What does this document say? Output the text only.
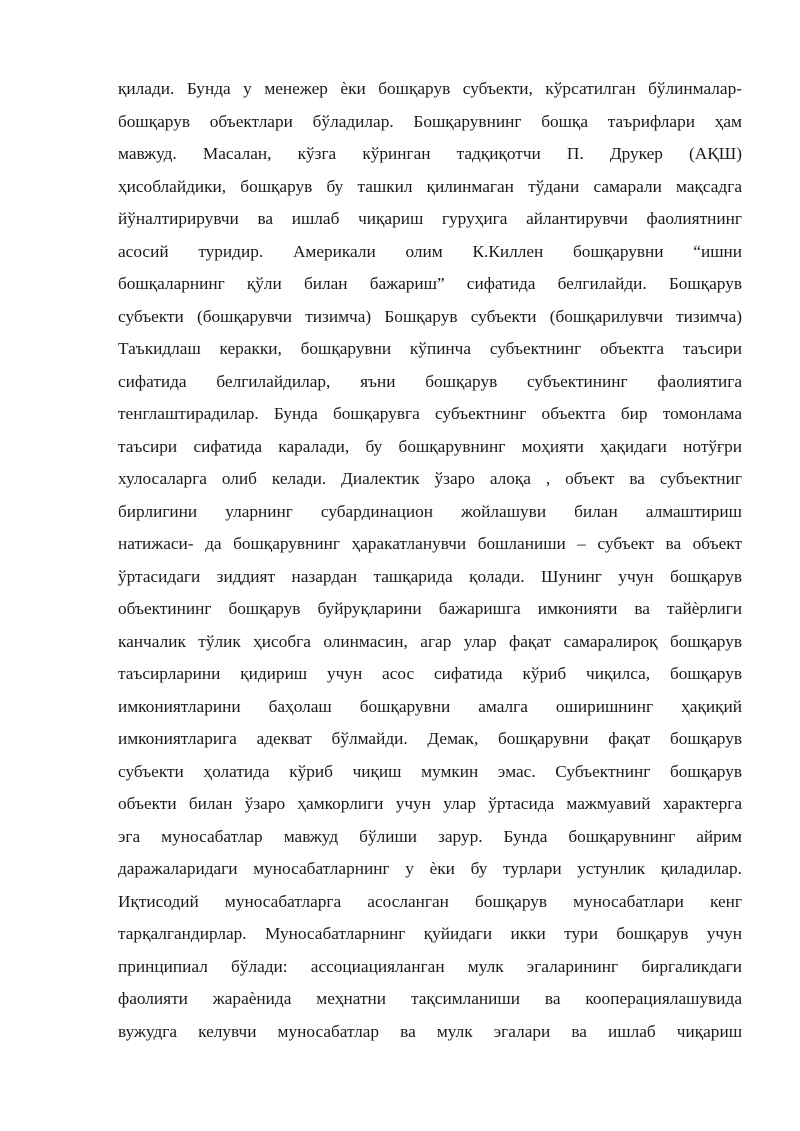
қилади. Бунда у менежер ѐки бошқарув субъекти, кўрсатилган бўлинмалар-
бошқарув объектлари бўладилар. Бошқарувнинг бошқа таърифлари ҳам
мавжуд. Масалан, кўзга кўринган тадқиқотчи П. Друкер (АҚШ)
ҳисоблайдики, бошқарув бу ташкил қилинмаган тўдани самарали мақсадга
йўналтирирувчи ва ишлаб чиқариш гуруҳига айлантирувчи фаолиятнинг
асосий туридир. Америкали олим К.Киллен бошқарувни “ишни
бошқаларнинг қўли билан бажариш” сифатида белгилайди. Бошқарув
субъекти (бошқарувчи тизимча) Бошқарув субъекти (бошқарилувчи тизимча)
Таъкидлаш керакки, бошқарувни кўпинча субъектнинг объектга таъсири
сифатида белгилайдилар, яъни бошқарув субъектининг фаолиятига
тенглаштирадилар. Бунда бошқарувга субъектнинг объектга бир томонлама
таъсири сифатида каралади, бу бошқарувнинг моҳияти ҳақидаги нотўғри
хулосаларга олиб келади. Диалектик ўзаро алоқа , объект ва субъектниг
бирлигини уларнинг субардинацион жойлашуви билан алмаштириш
натижаси- да бошқарувнинг ҳаракатланувчи бошланиши – субъект ва объект
ўртасидаги зиддият назардан ташқарида қолади. Шунинг учун бошқарув
объектининг бошқарув буйруқларини бажаришга имконияти ва тайѐрлиги
канчалик тўлик ҳисобга олинмасин, агар улар фақат самаралироқ бошқарув
таъсирларини қидириш учун асос сифатида кўриб чиқилса, бошқарув
имкониятларини баҳолаш бошқарувни амалга оширишнинг ҳақиқий
имкониятларига адекват бўлмайди. Демак, бошқарувни фақат бошқарув
субъекти ҳолатида кўриб чиқиш мумкин эмас. Субъектнинг бошқарув
объекти билан ўзаро ҳамкорлиги учун улар ўртасида мажмуавий характерга
эга муносабатлар мавжуд бўлиши зарур. Бунда бошқарувнинг айрим
даражаларидаги муносабатларнинг у ѐки бу турлари устунлик қиладилар.
Иқтисодий муносабатларга асосланган бошқарув муносабатлари кенг
тарқалгандирлар. Муносабатларнинг қуйидаги икки тури бошқарув учун
принципиал бўлади: ассоциацияланган мулк эгаларининг биргаликдаги
фаолияти жараѐнида меҳнатни тақсимланиши ва кооперациялашувида
вужудга келувчи муносабатлар ва мулк эгалари ва ишлаб чиқариш
